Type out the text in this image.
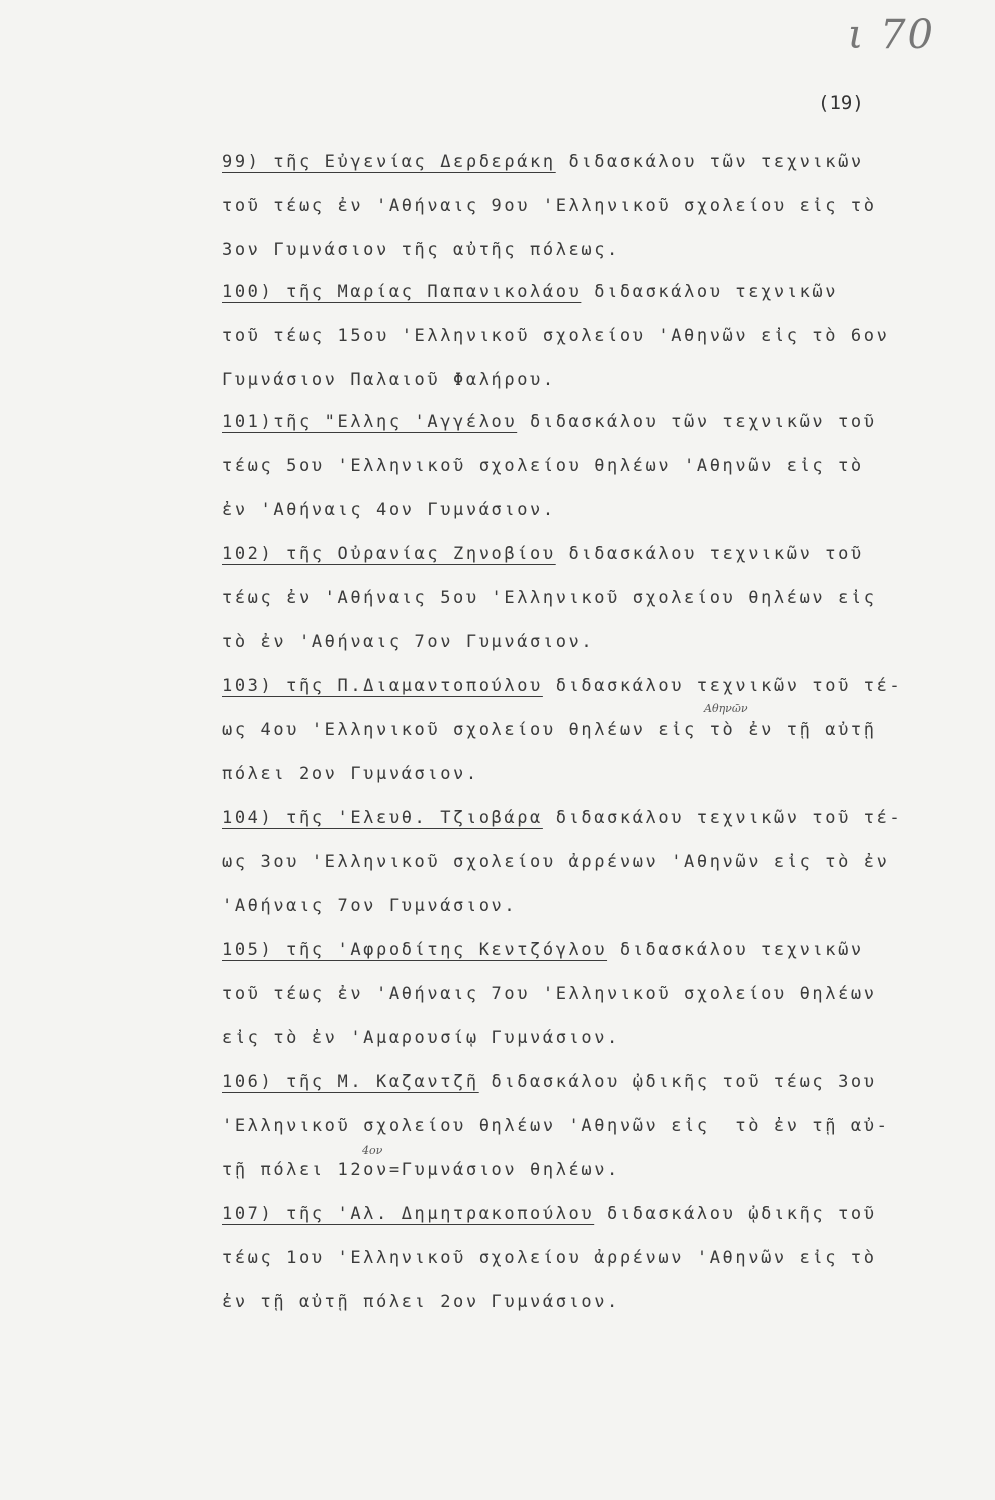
ι 70
(19)
99) τῆς Εὐγενίας Δερδεράκη διδασκάλου τῶν τεχνικῶν
τοῦ τέως ἐν 'Αθήναις 9ου 'Ελληνικοῦ σχολείου εἰς τὸ
3ον Γυμνάσιον τῆς αὐτῆς πόλεως.
100) τῆς Μαρίας Παπανικολάου διδασκάλου τεχνικῶν
τοῦ τέως 15ου 'Ελληνικοῦ σχολείου 'Αθηνῶν εἰς τὸ 6ον
Γυμνάσιον Παλαιοῦ Φαλήρου.
101)τῆς "Ελλης 'Αγγέλου διδασκάλου τῶν τεχνικῶν τοῦ
τέως 5ου 'Ελληνικοῦ σχολείου θηλέων 'Αθηνῶν εἰς τὸ
ἐν 'Αθήναις 4ον Γυμνάσιον.
102) τῆς Οὐρανίας Ζηνοβίου διδασκάλου τεχνικῶν τοῦ
τέως ἐν 'Αθήναις 5ου 'Ελληνικοῦ σχολείου θηλέων εἰς
τὸ ἐν 'Αθήναις 7ον Γυμνάσιον.
Αθηνῶν
103) τῆς Π.Διαμαντοπούλου διδασκάλου τεχνικῶν τοῦ τέ-
ως 4ου 'Ελληνικοῦ σχολείου θηλέων εἰς τὸ ἐν τῇ αὐτῇ
πόλει 2ον Γυμνάσιον.
104) τῆς 'Ελευθ. Τζιοβάρα διδασκάλου τεχνικῶν τοῦ τέ-
ως 3ου 'Ελληνικοῦ σχολείου ἀρρένων 'Αθηνῶν εἰς τὸ ἐν
'Αθήναις 7ον Γυμνάσιον.
105) τῆς 'Αφροδίτης Κεντζόγλου διδασκάλου τεχνικῶν
τοῦ τέως ἐν 'Αθήναις 7ου 'Ελληνικοῦ σχολείου θηλέων
εἰς τὸ ἐν 'Αμαρουσίῳ Γυμνάσιον.
106) τῆς Μ. Καζαντζῆ διδασκάλου ᾠδικῆς τοῦ τέως 3ου
'Ελληνικοῦ σχολείου θηλέων 'Αθηνῶν εἰς  τὸ ἐν τῇ αὐ-
4ον
τῇ πόλει 12ον=Γυμνάσιον θηλέων.
107) τῆς 'Αλ. Δημητρακοπούλου διδασκάλου ᾠδικῆς τοῦ
τέως 1ου 'Ελληνικοῦ σχολείου ἀρρένων 'Αθηνῶν εἰς τὸ
ἐν τῇ αὐτῇ πόλει 2ον Γυμνάσιον.
